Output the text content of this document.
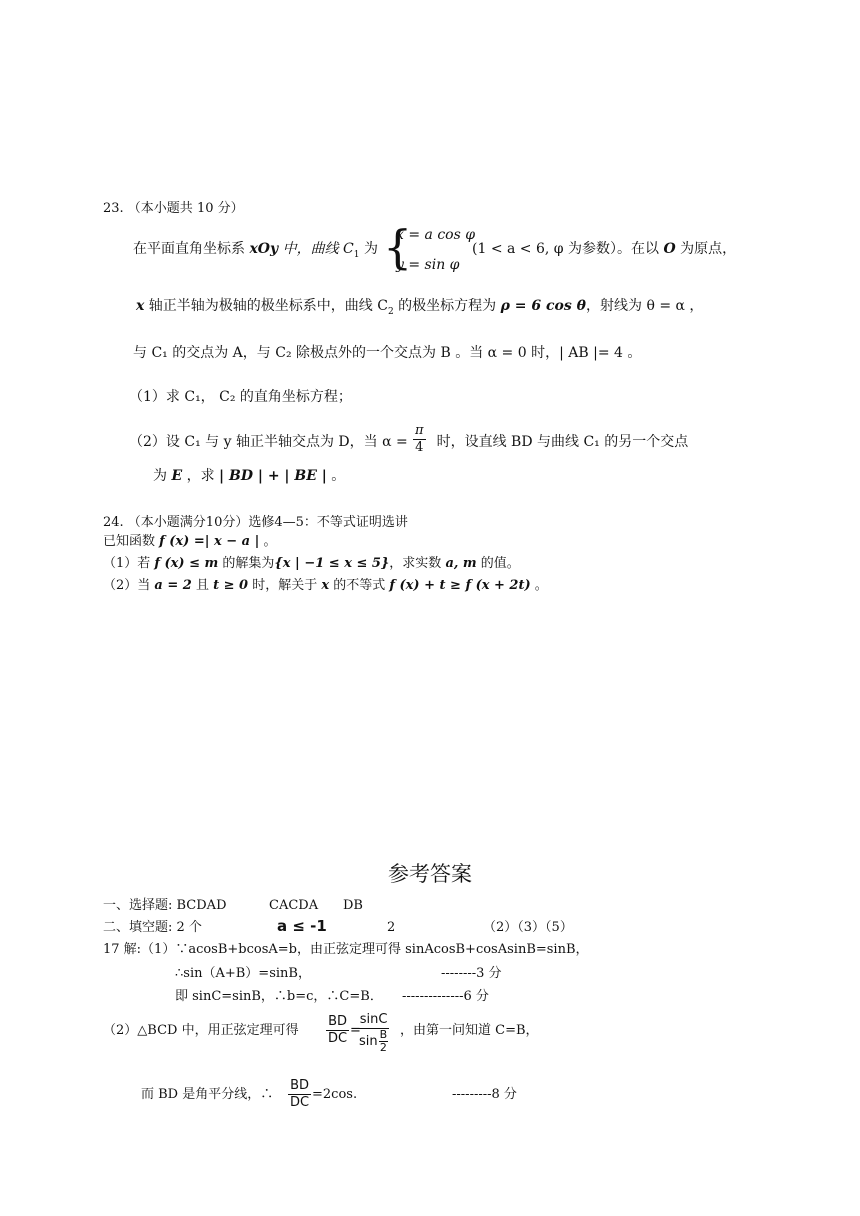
23. （本小题共 10 分）
在平面直角坐标系 xOy 中，曲线 $C_1$ 为 {
x = a cos φ
y = sin φ
(1 < a < 6, φ 为参数）。在以 O 为原点，
x 轴正半轴为极轴的极坐标系中，曲线 $C_2$ 的极坐标方程为 ρ = 6 cos θ，射线为 θ = α ，
与 C₁ 的交点为 A，与 C₂ 除极点外的一个交点为 B 。当 α = 0 时，| AB |= 4 。
（1）求 C₁， C₂ 的直角坐标方程；
（2）设 C₁ 与 y 轴正半轴交点为 D，当 α =  时，设直线 BD 与曲线 C₁ 的另一个交点
$\frac{\pi}{4}$
为 E ，求 | BD | + | BE | 。
24. （本小题满分10分）选修4—5：不等式证明选讲
已知函数 f (x) =| x − a | 。
（1）若 f (x) ≤ m 的解集为{x | −1 ≤ x ≤ 5}，求实数 a, m 的值。
（2）当 a = 2 且 t ≥ 0 时，解关于 x 的不等式 f (x) + t ≥ f (x + 2t) 。
参考答案
一、选择题: BCDAD	CACDA DB
二、填空题: 2 个	a ≤ -1	2	（2）（3）（5）
17 解:（1）∵acosB+bcosA=b，由正弦定理可得 sinAcosB+cosAsinB=sinB，
∴sin（A+B）=sinB，	--------3 分
即 sinC=sinB，∴b=c，∴C=B． --------------6 分
（2）△BCD 中，用正弦定理可得 $\frac{BD}{DC}$ =
sinC
sin B
2 ，由第一问知道 C=B，
而 BD 是角平分线，∴ $\frac{BD}{DC} =2\cos$.	---------8 分
